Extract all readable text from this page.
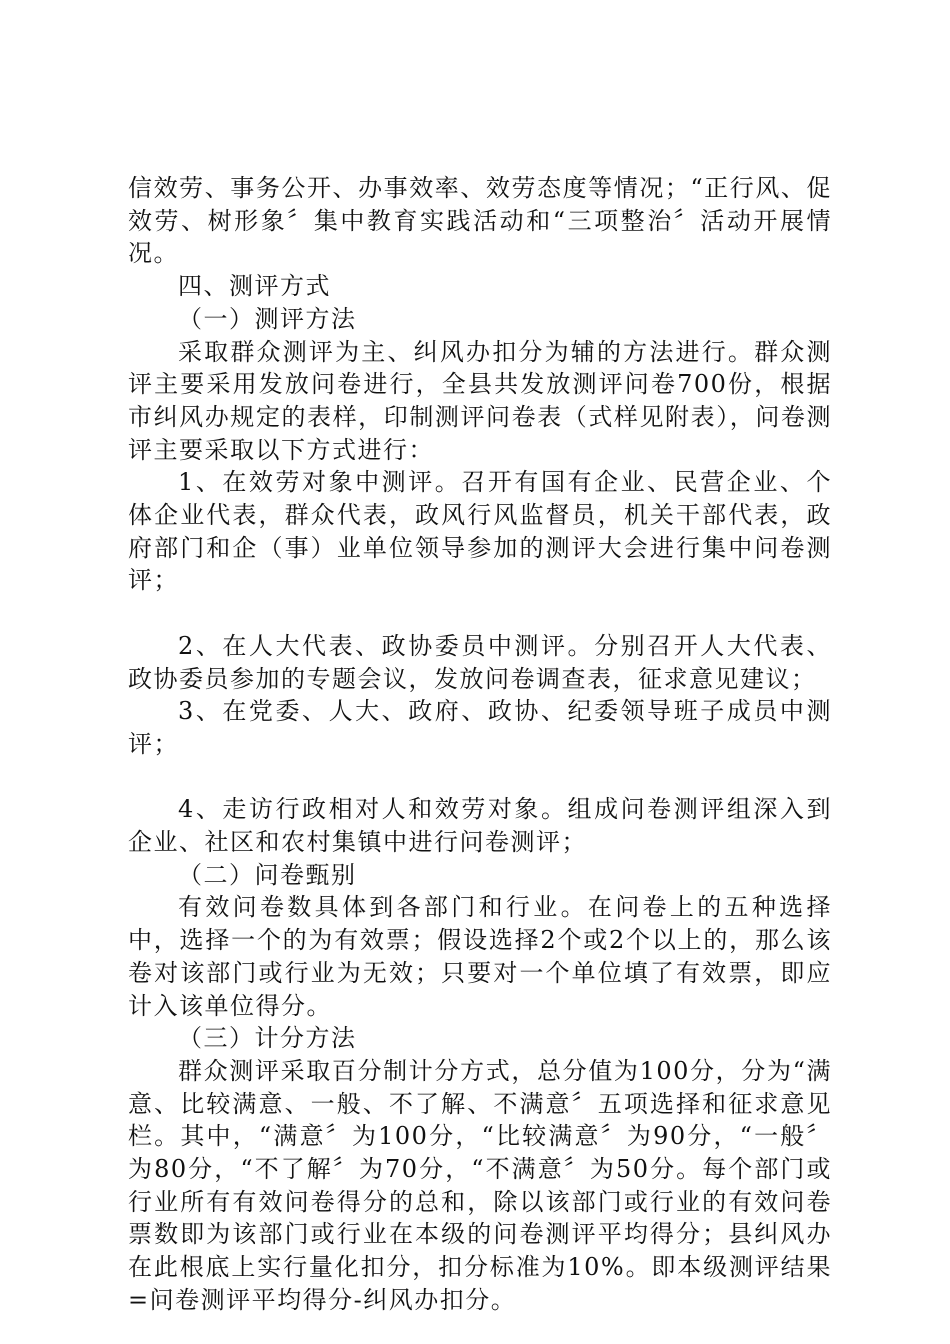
信效劳、事务公开、办事效率、效劳态度等情况；“正行风、促效劳、树形象〞集中教育实践活动和“三项整治〞活动开展情况。

四、测评方式

（一）测评方法

采取群众测评为主、纠风办扣分为辅的方法进行。群众测评主要采用发放问卷进行，全县共发放测评问卷700份，根据市纠风办规定的表样，印制测评问卷表（式样见附表），问卷测评主要采取以下方式进行：

1、在效劳对象中测评。召开有国有企业、民营企业、个体企业代表，群众代表，政风行风监督员，机关干部代表，政府部门和企（事）业单位领导参加的测评大会进行集中问卷测评；

2、在人大代表、政协委员中测评。分别召开人大代表、政协委员参加的专题会议，发放问卷调查表，征求意见建议；

3、在党委、人大、政府、政协、纪委领导班子成员中测评；

4、走访行政相对人和效劳对象。组成问卷测评组深入到企业、社区和农村集镇中进行问卷测评；

（二）问卷甄别

有效问卷数具体到各部门和行业。在问卷上的五种选择中，选择一个的为有效票；假设选择2个或2个以上的，那么该卷对该部门或行业为无效；只要对一个单位填了有效票，即应计入该单位得分。

（三）计分方法

群众测评采取百分制计分方式，总分值为100分，分为“满意、比较满意、一般、不了解、不满意〞五项选择和征求意见栏。其中，“满意〞为100分，“比较满意〞为90分，“一般〞为80分，“不了解〞为70分，“不满意〞为50分。每个部门或行业所有有效问卷得分的总和，除以该部门或行业的有效问卷票数即为该部门或行业在本级的问卷测评平均得分；县纠风办在此根底上实行量化扣分，扣分标准为10%。即本级测评结果=问卷测评平均得分-纠风办扣分。
